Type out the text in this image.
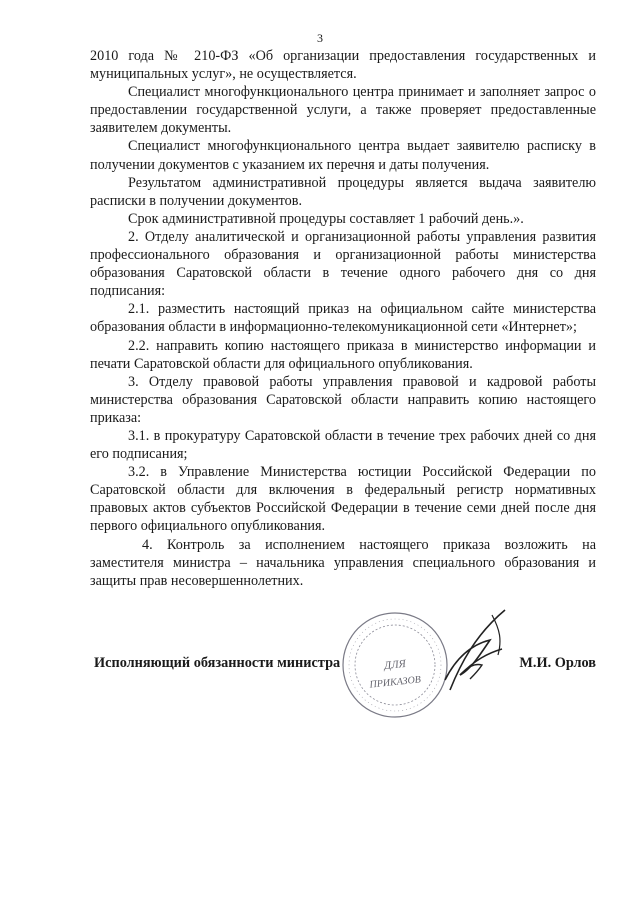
3

2010 года № 210-ФЗ «Об организации предоставления государственных и муниципальных услуг», не осуществляется.

Специалист многофункционального центра принимает и заполняет запрос о предоставлении государственной услуги, а также проверяет предоставленные заявителем документы.

Специалист многофункционального центра выдает заявителю расписку в получении документов с указанием их перечня и даты получения.

Результатом административной процедуры является выдача заявителю расписки в получении документов.

Срок административной процедуры составляет 1 рабочий день.».

2. Отделу аналитической и организационной работы управления развития профессионального образования и организационной работы министерства образования Саратовской области в течение одного рабочего дня со дня подписания:

2.1. разместить настоящий приказ на официальном сайте министерства образования области в информационно-телекомуникационной сети «Интернет»;

2.2. направить копию настоящего приказа в министерство информации и печати Саратовской области для официального опубликования.

3. Отделу правовой работы управления правовой и кадровой работы министерства образования Саратовской области направить копию настоящего приказа:

3.1. в прокуратуру Саратовской области в течение трех рабочих дней со дня его подписания;

3.2. в Управление Министерства юстиции Российской Федерации по Саратовской области для включения в федеральный регистр нормативных правовых актов субъектов Российской Федерации в течение семи дней после дня первого официального опубликования.

4. Контроль за исполнением настоящего приказа возложить на заместителя министра – начальника управления специального образования и защиты прав несовершеннолетних.

ДЛЯ
ПРИКАЗОВ
Исполняющий обязанности министра	М.И. Орлов
